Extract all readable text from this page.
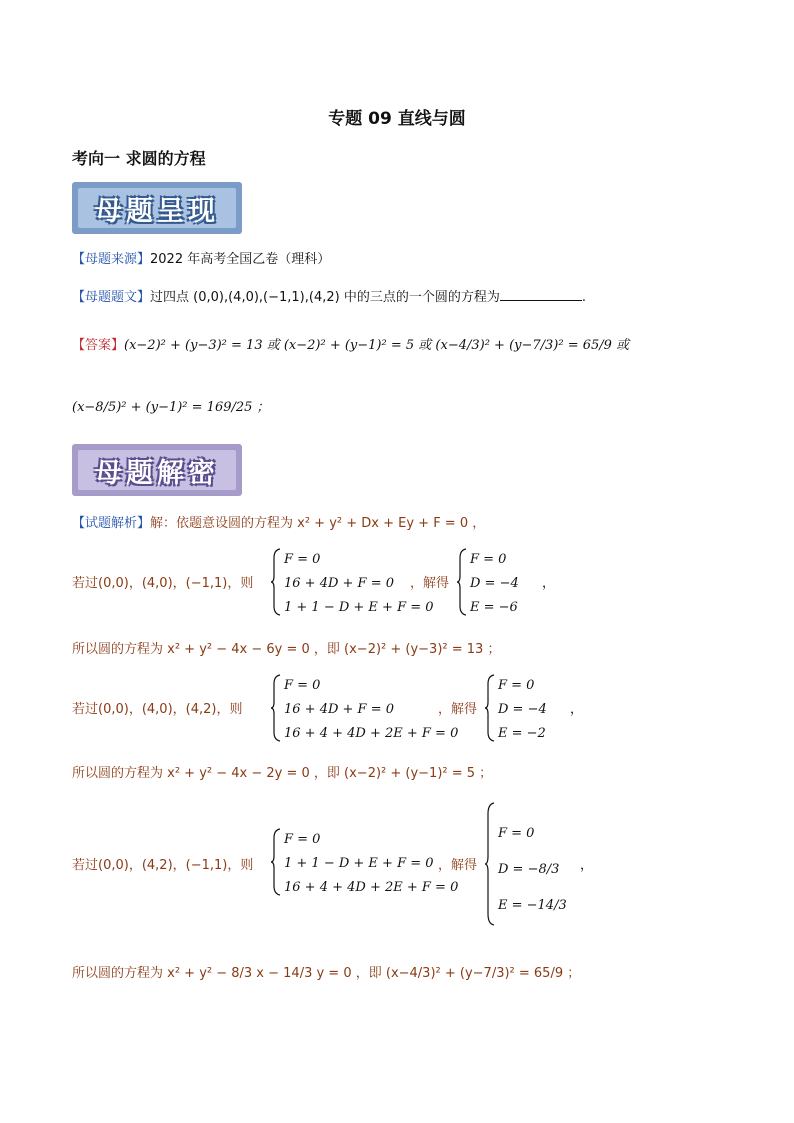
专题 09 直线与圆
考向一 求圆的方程
母题呈现
【母题来源】2022 年高考全国乙卷（理科）
【母题题文】过四点 (0,0),(4,0),(−1,1),(4,2) 中的三点的一个圆的方程为	.
【答案】(x−2)² + (y−3)² = 13 或 (x−2)² + (y−1)² = 5 或 (x−4/3)² + (y−7/3)² = 65/9 或
(x−8/5)² + (y−1)² = 169/25 ；
母题解密
【试题解析】解：依题意设圆的方程为 x² + y² + Dx + Ey + F = 0 ，
若过(0,0)，(4,0)，(−1,1)，则
F = 0
16 + 4D + F = 0
1 + 1 − D + E + F = 0
，解得
F = 0
D = −4
E = −6
，
所以圆的方程为 x² + y² − 4x − 6y = 0 ，即 (x−2)² + (y−3)² = 13 ；
若过(0,0)，(4,0)，(4,2)，则
F = 0
16 + 4D + F = 0
16 + 4 + 4D + 2E + F = 0
，解得
F = 0
D = −4
E = −2
，
所以圆的方程为 x² + y² − 4x − 2y = 0 ，即 (x−2)² + (y−1)² = 5 ；
若过(0,0)，(4,2)，(−1,1)，则
F = 0
1 + 1 − D + E + F = 0
16 + 4 + 4D + 2E + F = 0
，解得
F = 0
D = −8/3
E = −14/3
，
所以圆的方程为 x² + y² − 8/3 x − 14/3 y = 0 ，即 (x−4/3)² + (y−7/3)² = 65/9 ；
